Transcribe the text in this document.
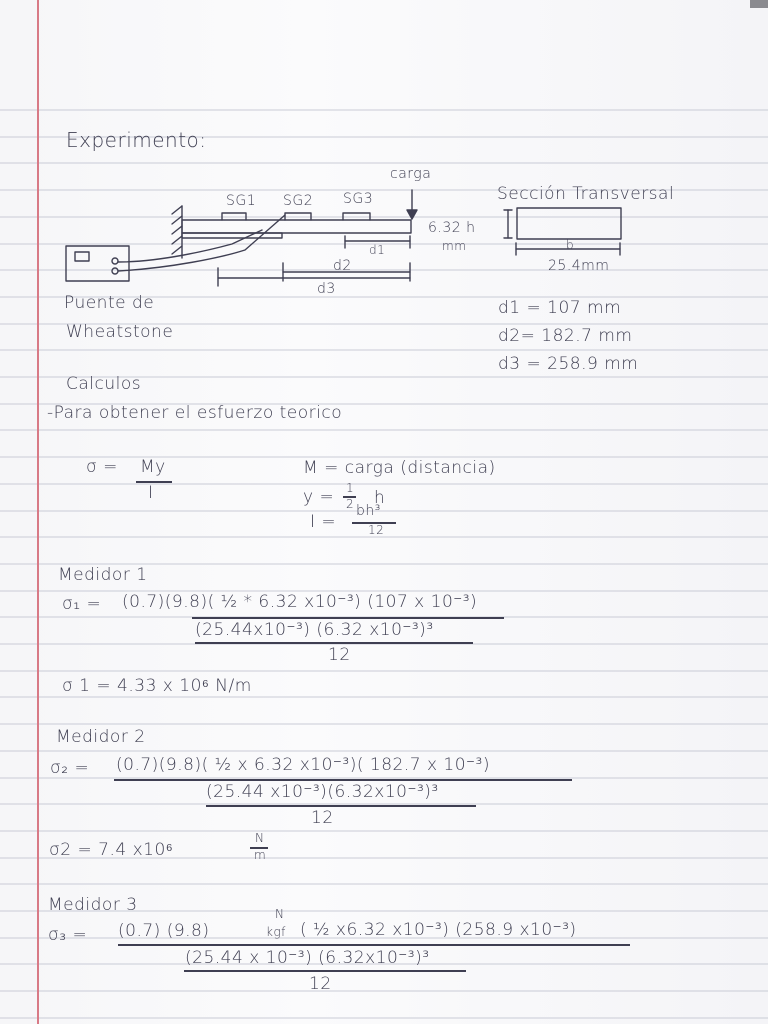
Experimento:
SG1 SG2 SG3
carga
6.32 h
mm
d1
d2
d3
Puente de
Wheatstone
Sección Transversal
b
25.4mm
d1 = 107 mm
d2= 182.7 mm
d3 = 258.9 mm
Calculos
-Para obtener el esfuerzo teorico
σ = My
I
M = carga (distancia)
y = 1
2 h
I =
bh³
12
Medidor 1
σ₁ = (0.7)(9.8)( ½ * 6.32 x10⁻³) (107 x 10⁻³)
(25.44x10⁻³) (6.32 x10⁻³)³
12
σ 1 = 4.33 x 10⁶ N/m
Medidor 2
σ₂ = (0.7)(9.8)( ½ x 6.32 x10⁻³)( 182.7 x 10⁻³)
(25.44 x10⁻³)(6.32x10⁻³)³
12
σ2 = 7.4 x10⁶
N
m
Medidor 3
σ₃ = (0.7) (9.8)
N
kgf ( ½ x6.32 x10⁻³) (258.9 x10⁻³)
(25.44 x 10⁻³) (6.32x10⁻³)³
12
